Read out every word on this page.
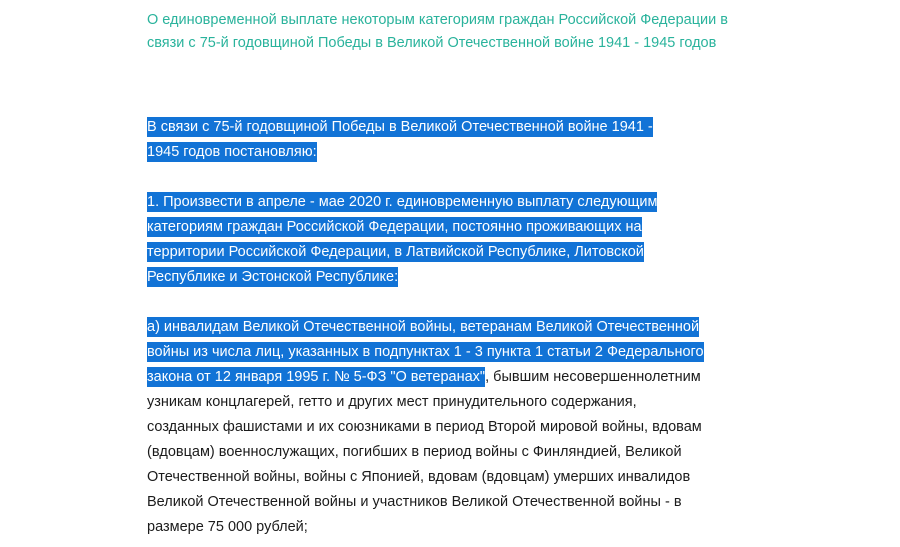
О единовременной выплате некоторым категориям граждан Российской Федерации в
связи с 75-й годовщиной Победы в Великой Отечественной войне 1941 - 1945 годов
В связи с 75-й годовщиной Победы в Великой Отечественной войне 1941 -
1945 годов постановляю:
1. Произвести в апреле - мае 2020 г. единовременную выплату следующим
категориям граждан Российской Федерации, постоянно проживающих на
территории Российской Федерации, в Латвийской Республике, Литовской
Республике и Эстонской Республике:
а) инвалидам Великой Отечественной войны, ветеранам Великой Отечественной
войны из числа лиц, указанных в подпунктах 1 - 3 пункта 1 статьи 2 Федерального
закона от 12 января 1995 г. № 5-ФЗ "О ветеранах", бывшим несовершеннолетним
узникам концлагерей, гетто и других мест принудительного содержания,
созданных фашистами и их союзниками в период Второй мировой войны, вдовам
(вдовцам) военнослужащих, погибших в период войны с Финляндией, Великой
Отечественной войны, войны с Японией, вдовам (вдовцам) умерших инвалидов
Великой Отечественной войны и участников Великой Отечественной войны - в
размере 75 000 рублей;
